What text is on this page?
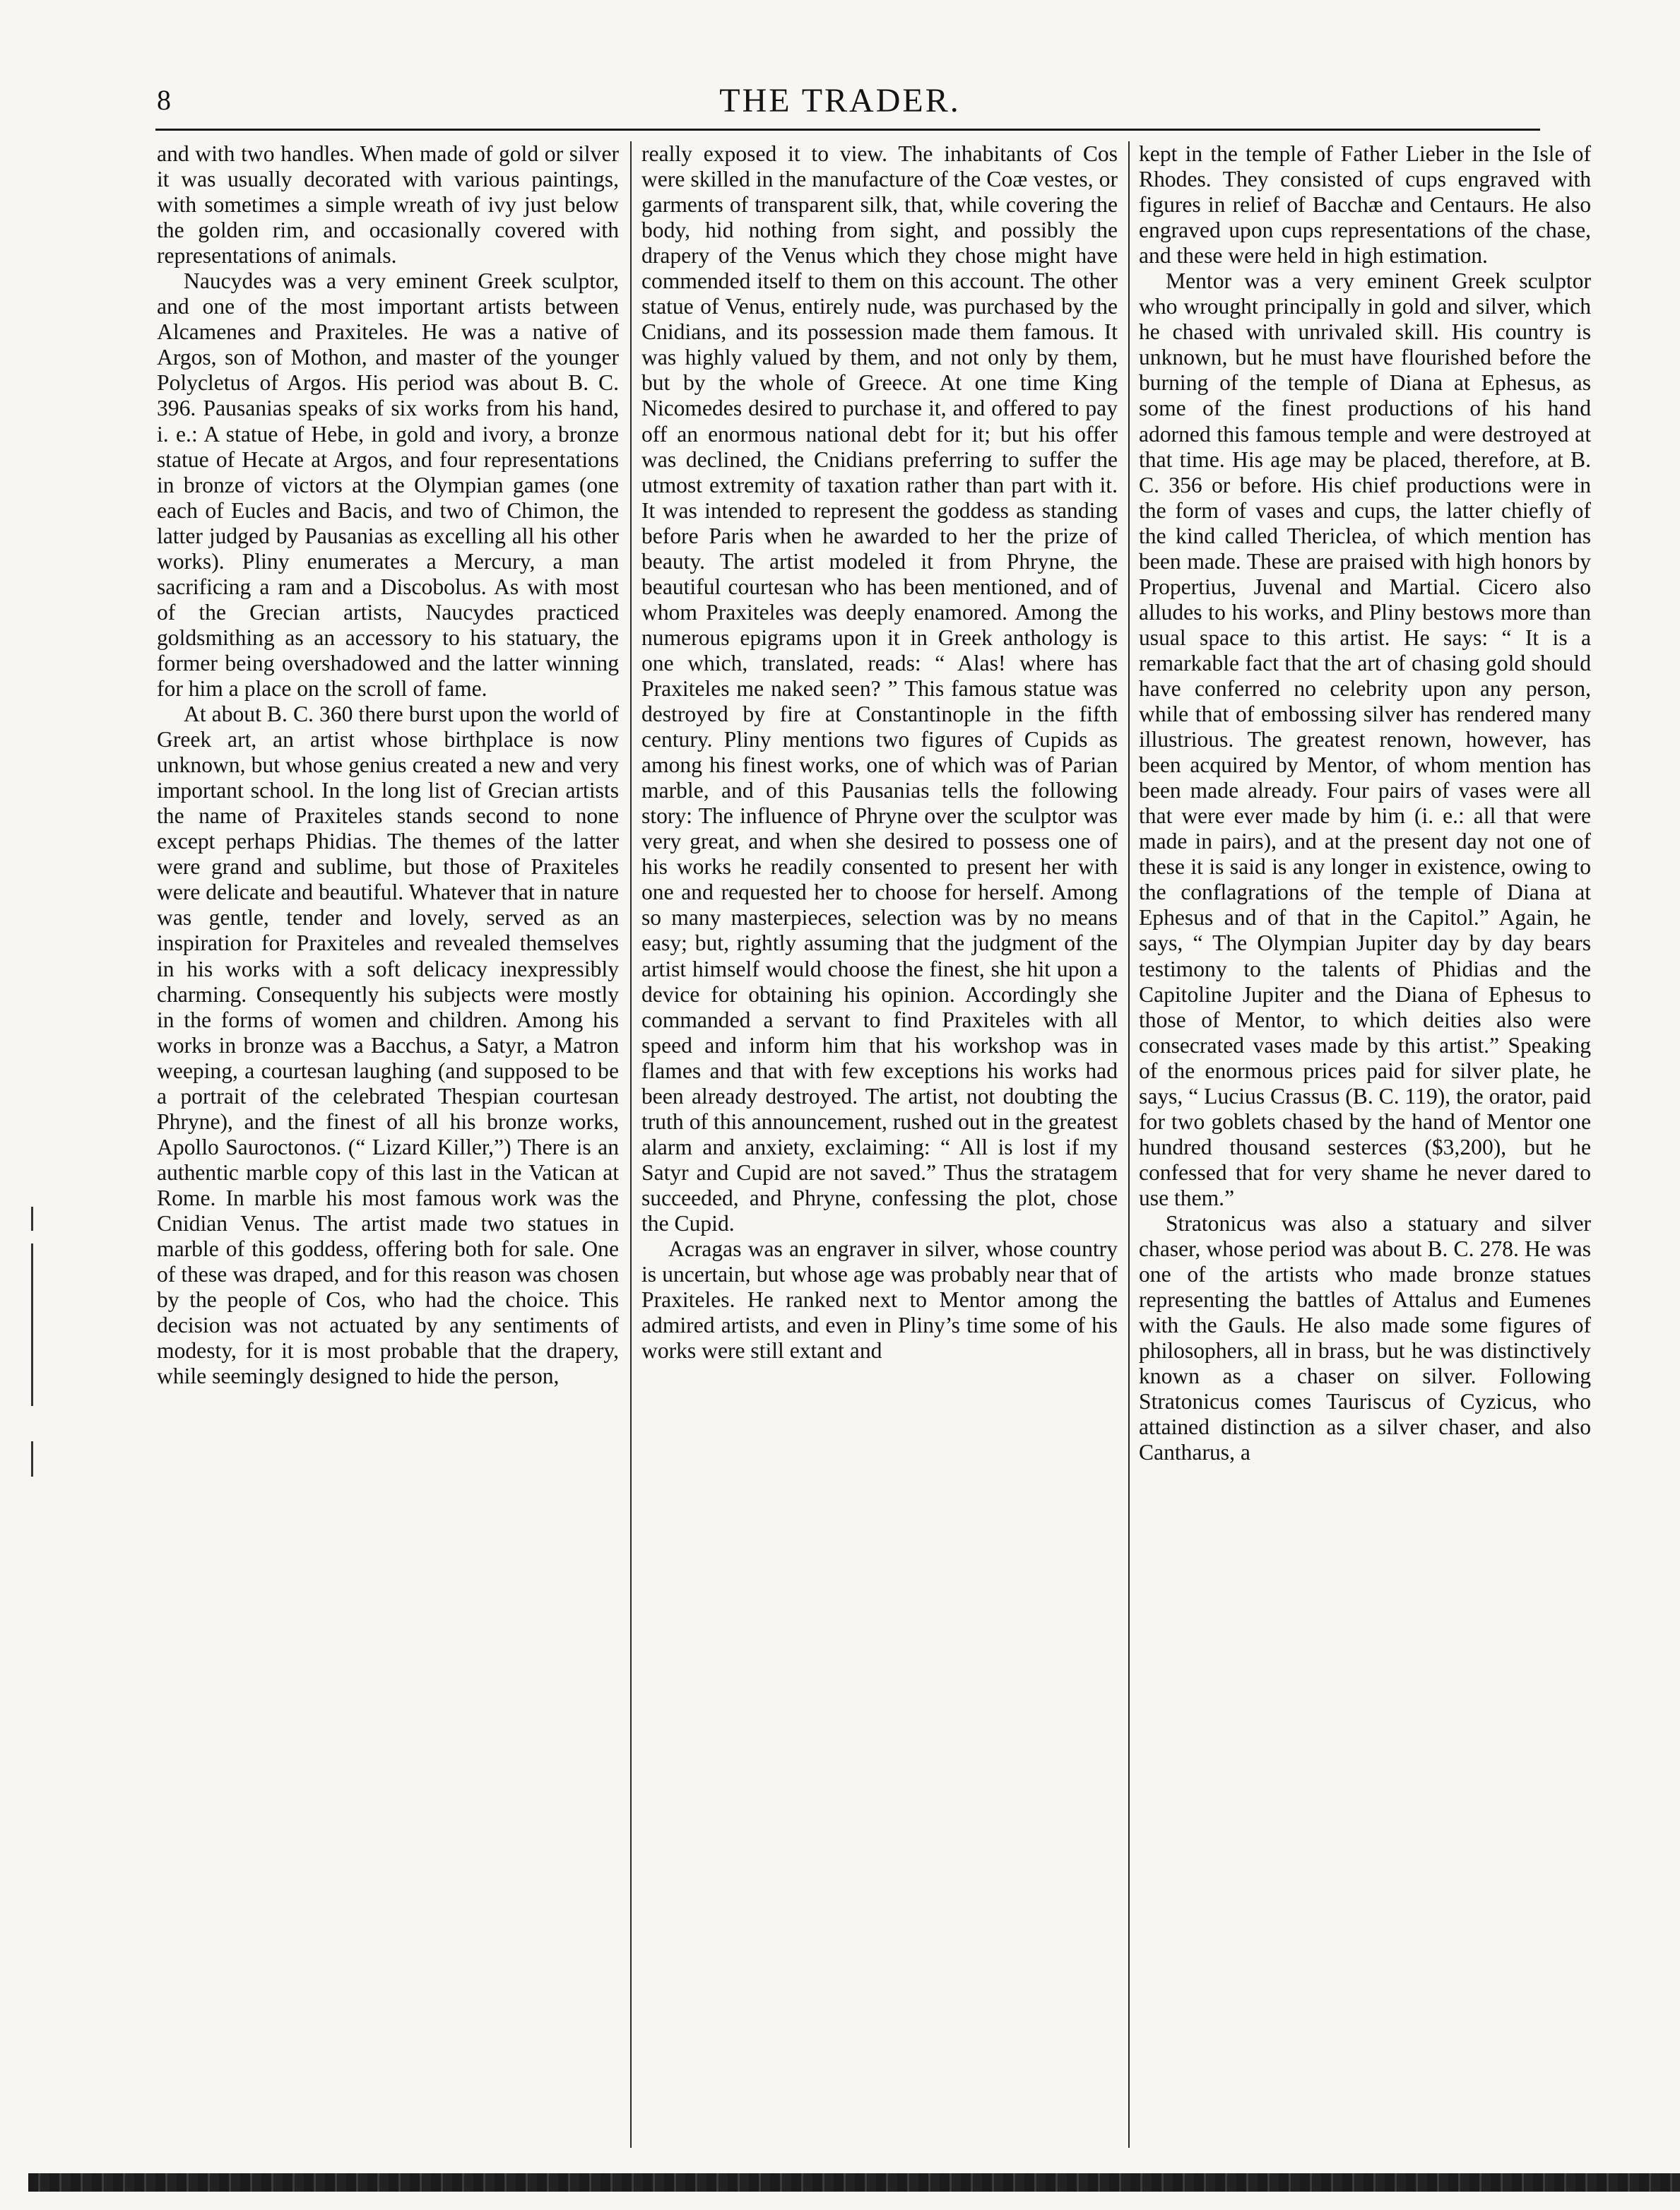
8	THE TRADER.

and with two handles. When made of gold or silver it was usually decorated with various paintings, with sometimes a simple wreath of ivy just below the golden rim, and occasionally covered with representations of animals.

Naucydes was a very eminent Greek sculptor, and one of the most important artists between Alcamenes and Praxiteles. He was a native of Argos, son of Mothon, and master of the younger Polycletus of Argos. His period was about B. C. 396. Pausanias speaks of six works from his hand, i. e.: A statue of Hebe, in gold and ivory, a bronze statue of Hecate at Argos, and four representations in bronze of victors at the Olympian games (one each of Eucles and Bacis, and two of Chimon, the latter judged by Pausanias as excelling all his other works). Pliny enumerates a Mercury, a man sacrificing a ram and a Discobolus. As with most of the Grecian artists, Naucydes practiced goldsmithing as an accessory to his statuary, the former being overshadowed and the latter winning for him a place on the scroll of fame.

At about B. C. 360 there burst upon the world of Greek art, an artist whose birthplace is now unknown, but whose genius created a new and very important school. In the long list of Grecian artists the name of Praxiteles stands second to none except perhaps Phidias. The themes of the latter were grand and sublime, but those of Praxiteles were delicate and beautiful. Whatever that in nature was gentle, tender and lovely, served as an inspiration for Praxiteles and revealed themselves in his works with a soft delicacy inexpressibly charming. Consequently his subjects were mostly in the forms of women and children. Among his works in bronze was a Bacchus, a Satyr, a Matron weeping, a courtesan laughing (and supposed to be a portrait of the celebrated Thespian courtesan Phryne), and the finest of all his bronze works, Apollo Sauroctonos. (“ Lizard Killer,”) There is an authentic marble copy of this last in the Vatican at Rome. In marble his most famous work was the Cnidian Venus. The artist made two statues in marble of this goddess, offering both for sale. One of these was draped, and for this reason was chosen by the people of Cos, who had the choice. This decision was not actuated by any sentiments of modesty, for it is most probable that the drapery, while seemingly designed to hide the person,

really exposed it to view. The inhabitants of Cos were skilled in the manufacture of the Coæ vestes, or garments of transparent silk, that, while covering the body, hid nothing from sight, and possibly the drapery of the Venus which they chose might have commended itself to them on this account. The other statue of Venus, entirely nude, was purchased by the Cnidians, and its possession made them famous. It was highly valued by them, and not only by them, but by the whole of Greece. At one time King Nicomedes desired to purchase it, and offered to pay off an enormous national debt for it; but his offer was declined, the Cnidians preferring to suffer the utmost extremity of taxation rather than part with it. It was intended to represent the goddess as standing before Paris when he awarded to her the prize of beauty. The artist modeled it from Phryne, the beautiful courtesan who has been mentioned, and of whom Praxiteles was deeply enamored. Among the numerous epigrams upon it in Greek anthology is one which, translated, reads: “ Alas! where has Praxiteles me naked seen? ” This famous statue was destroyed by fire at Constantinople in the fifth century. Pliny mentions two figures of Cupids as among his finest works, one of which was of Parian marble, and of this Pausanias tells the following story: The influence of Phryne over the sculptor was very great, and when she desired to possess one of his works he readily consented to present her with one and requested her to choose for herself. Among so many masterpieces, selection was by no means easy; but, rightly assuming that the judgment of the artist himself would choose the finest, she hit upon a device for obtaining his opinion. Accordingly she commanded a servant to find Praxiteles with all speed and inform him that his workshop was in flames and that with few exceptions his works had been already destroyed. The artist, not doubting the truth of this announcement, rushed out in the greatest alarm and anxiety, exclaiming: “ All is lost if my Satyr and Cupid are not saved.” Thus the stratagem succeeded, and Phryne, confessing the plot, chose the Cupid.

Acragas was an engraver in silver, whose country is uncertain, but whose age was probably near that of Praxiteles. He ranked next to Mentor among the admired artists, and even in Pliny’s time some of his works were still extant and

kept in the temple of Father Lieber in the Isle of Rhodes. They consisted of cups engraved with figures in relief of Bacchæ and Centaurs. He also engraved upon cups representations of the chase, and these were held in high estimation.

Mentor was a very eminent Greek sculptor who wrought principally in gold and silver, which he chased with unrivaled skill. His country is unknown, but he must have flourished before the burning of the temple of Diana at Ephesus, as some of the finest productions of his hand adorned this famous temple and were destroyed at that time. His age may be placed, therefore, at B. C. 356 or before. His chief productions were in the form of vases and cups, the latter chiefly of the kind called Thericlea, of which mention has been made. These are praised with high honors by Propertius, Juvenal and Martial. Cicero also alludes to his works, and Pliny bestows more than usual space to this artist. He says: “ It is a remarkable fact that the art of chasing gold should have conferred no celebrity upon any person, while that of embossing silver has rendered many illustrious. The greatest renown, however, has been acquired by Mentor, of whom mention has been made already. Four pairs of vases were all that were ever made by him (i. e.: all that were made in pairs), and at the present day not one of these it is said is any longer in existence, owing to the conflagrations of the temple of Diana at Ephesus and of that in the Capitol.” Again, he says, “ The Olympian Jupiter day by day bears testimony to the talents of Phidias and the Capitoline Jupiter and the Diana of Ephesus to those of Mentor, to which deities also were consecrated vases made by this artist.” Speaking of the enormous prices paid for silver plate, he says, “ Lucius Crassus (B. C. 119), the orator, paid for two goblets chased by the hand of Mentor one hundred thousand sesterces ($3,200), but he confessed that for very shame he never dared to use them.”

Stratonicus was also a statuary and silver chaser, whose period was about B. C. 278. He was one of the artists who made bronze statues representing the battles of Attalus and Eumenes with the Gauls. He also made some figures of philosophers, all in brass, but he was distinctively known as a chaser on silver. Following Stratonicus comes Tauriscus of Cyzicus, who attained distinction as a silver chaser, and also Cantharus, a
